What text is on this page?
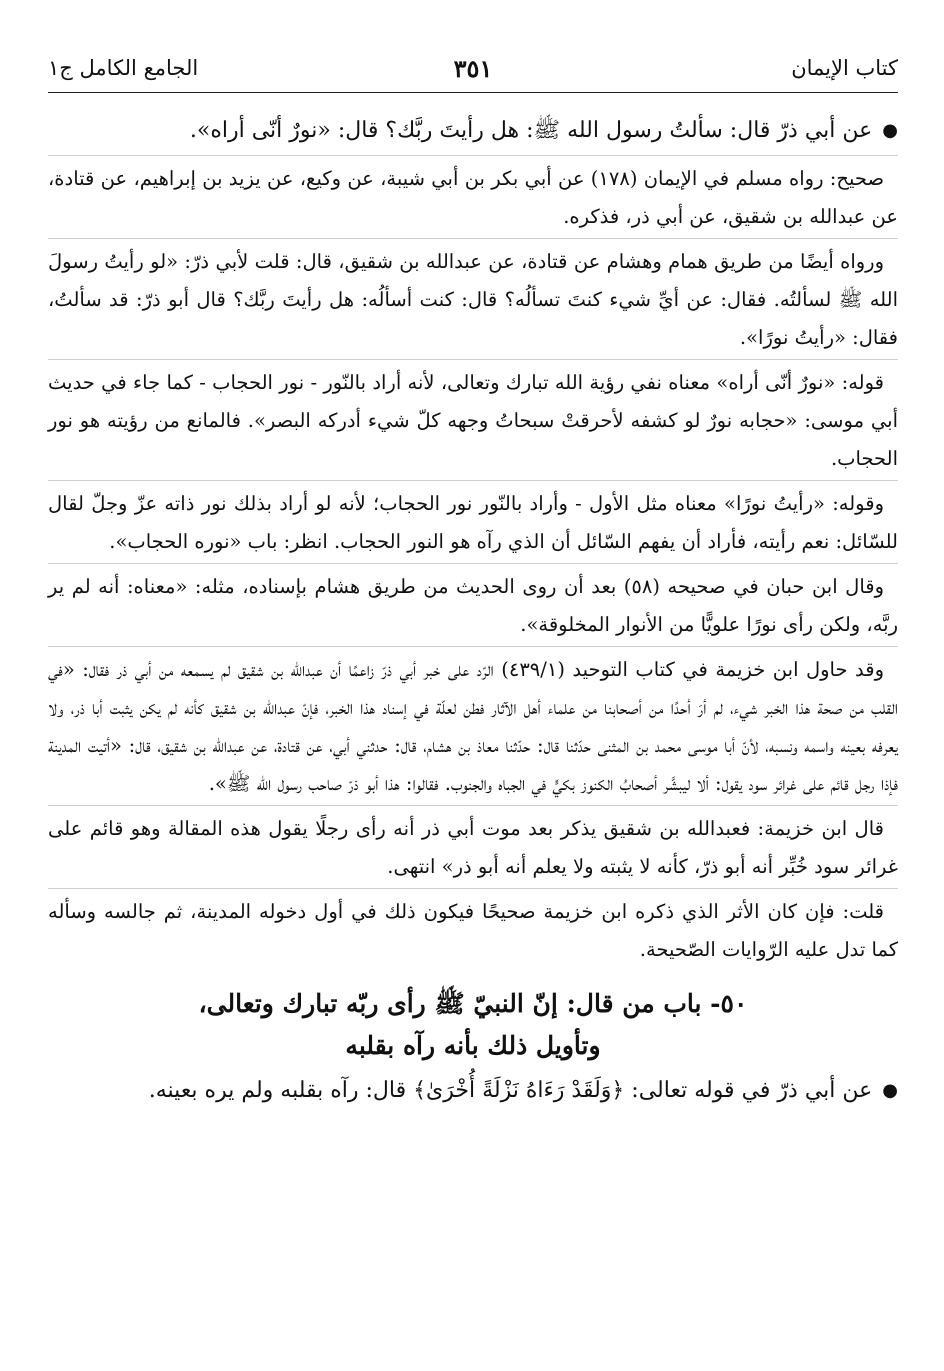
كتاب الإيمان
٣٥١
الجامع الكامل ج١

●عن أبي ذرّ قال: سألتُ رسول الله ﷺ: هل رأيتَ ربَّك؟ قال: «نورٌ أنّى أراه».

صحيح: رواه مسلم في الإيمان (١٧٨) عن أبي بكر بن أبي شيبة، عن وكيع، عن يزيد بن إبراهيم، عن قتادة، عن عبدالله بن شقيق، عن أبي ذر، فذكره.

ورواه أيضًا من طريق همام وهشام عن قتادة، عن عبدالله بن شقيق، قال: قلت لأبي ذرّ: «لو رأيتُ رسولَ الله ﷺ لسألتُه. فقال: عن أيِّ شيء كنتَ تسألُه؟ قال: كنت أسألُه: هل رأيتَ ربَّك؟ قال أبو ذرّ: قد سألتُ، فقال: «رأيتُ نورًا».

قوله: «نورٌ أنّى أراه» معناه نفي رؤية الله تبارك وتعالى، لأنه أراد بالنّور - نور الحجاب - كما جاء في حديث أبي موسى: «حجابه نورٌ لو كشفه لأحرقتْ سبحاتُ وجهه كلّ شيء أدركه البصر». فالمانع من رؤيته هو نور الحجاب.

وقوله: «رأيتُ نورًا» معناه مثل الأول - وأراد بالنّور نور الحجاب؛ لأنه لو أراد بذلك نور ذاته عزّ وجلّ لقال للسّائل: نعم رأيته، فأراد أن يفهم السّائل أن الذي رآه هو النور الحجاب. انظر: باب «نوره الحجاب».

وقال ابن حبان في صحيحه (٥٨) بعد أن روى الحديث من طريق هشام بإسناده، مثله: «معناه: أنه لم ير ربَّه، ولكن رأى نورًا علويًّا من الأنوار المخلوقة».

وقد حاول ابن خزيمة في كتاب التوحيد (٤٣٩/١) الرّد على خبر أبي ذرّ زاعمًا أن عبدالله بن شقيق لم يسمعه من أبي ذر فقال: «في القلب من صحة هذا الخبر شيء، لم أرَ أحدًا من أصحابنا من علماء أهل الآثار فطن لعلّة في إسناد هذا الخبر، فإنّ عبدالله بن شقيق كأنه لم يكن يثبت أبا ذر، ولا يعرفه بعينه واسمه ونسبه، لأنّ أبا موسى محمد بن المثنى حدّثنا قال: حدّثنا معاذ بن هشام، قال: حدثني أبي، عن قتادة، عن عبدالله بن شقيق، قال: «أتيت المدينة فإذا رجل قائم على غرائر سود يقول: ألا ليبشَّر أصحابُ الكنوز بكيٍّ في الجباه والجنوب. فقالوا: هذا أبو ذرّ صاحب رسول الله ﷺ».

قال ابن خزيمة: فعبدالله بن شقيق يذكر بعد موت أبي ذر أنه رأى رجلًا يقول هذه المقالة وهو قائم على غرائر سود خُبِّر أنه أبو ذرّ، كأنه لا يثبته ولا يعلم أنه أبو ذر» انتهى.

قلت: فإن كان الأثر الذي ذكره ابن خزيمة صحيحًا فيكون ذلك في أول دخوله المدينة، ثم جالسه وسأله كما تدل عليه الرّوايات الصّحيحة.

٥٠- باب من قال: إنّ النبيّ ﷺ رأى ربّه تبارك وتعالى،
وتأويل ذلك بأنه رآه بقلبه

●عن أبي ذرّ في قوله تعالى: ﴿وَلَقَدْ رَءَاهُ نَزْلَةً أُخْرَىٰ﴾ قال: رآه بقلبه ولم يره بعينه.
